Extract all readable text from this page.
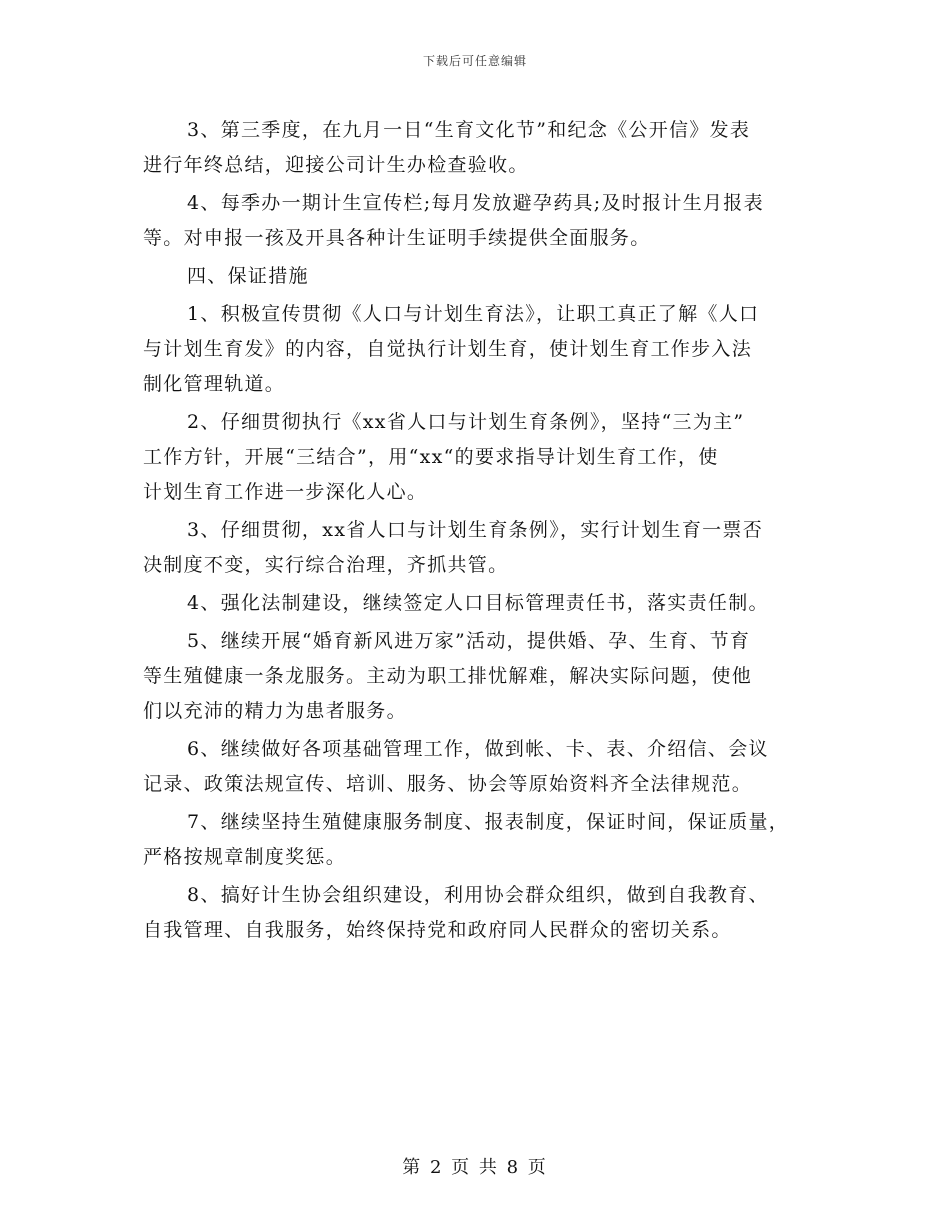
下载后可任意编辑
3、第三季度，在九月一日“生育文化节”和纪念《公开信》发表
进行年终总结，迎接公司计生办检查验收。
4、每季办一期计生宣传栏;每月发放避孕药具;及时报计生月报表
等。对申报一孩及开具各种计生证明手续提供全面服务。
四、保证措施
1、积极宣传贯彻《人口与计划生育法》，让职工真正了解《人口
与计划生育发》的内容，自觉执行计划生育，使计划生育工作步入法
制化管理轨道。
2、仔细贯彻执行《xx省人口与计划生育条例》，坚持“三为主”
工作方针，开展“三结合”，用“xx“的要求指导计划生育工作，使
计划生育工作进一步深化人心。
3、仔细贯彻，xx省人口与计划生育条例》，实行计划生育一票否
决制度不变，实行综合治理，齐抓共管。
4、强化法制建设，继续签定人口目标管理责任书，落实责任制。
5、继续开展“婚育新风进万家”活动，提供婚、孕、生育、节育
等生殖健康一条龙服务。主动为职工排忧解难，解决实际问题，使他
们以充沛的精力为患者服务。
6、继续做好各项基础管理工作，做到帐、卡、表、介绍信、会议
记录、政策法规宣传、培训、服务、协会等原始资料齐全法律规范。
7、继续坚持生殖健康服务制度、报表制度，保证时间，保证质量，
严格按规章制度奖惩。
8、搞好计生协会组织建设，利用协会群众组织，做到自我教育、
自我管理、自我服务，始终保持党和政府同人民群众的密切关系。
第 2 页 共 8 页
